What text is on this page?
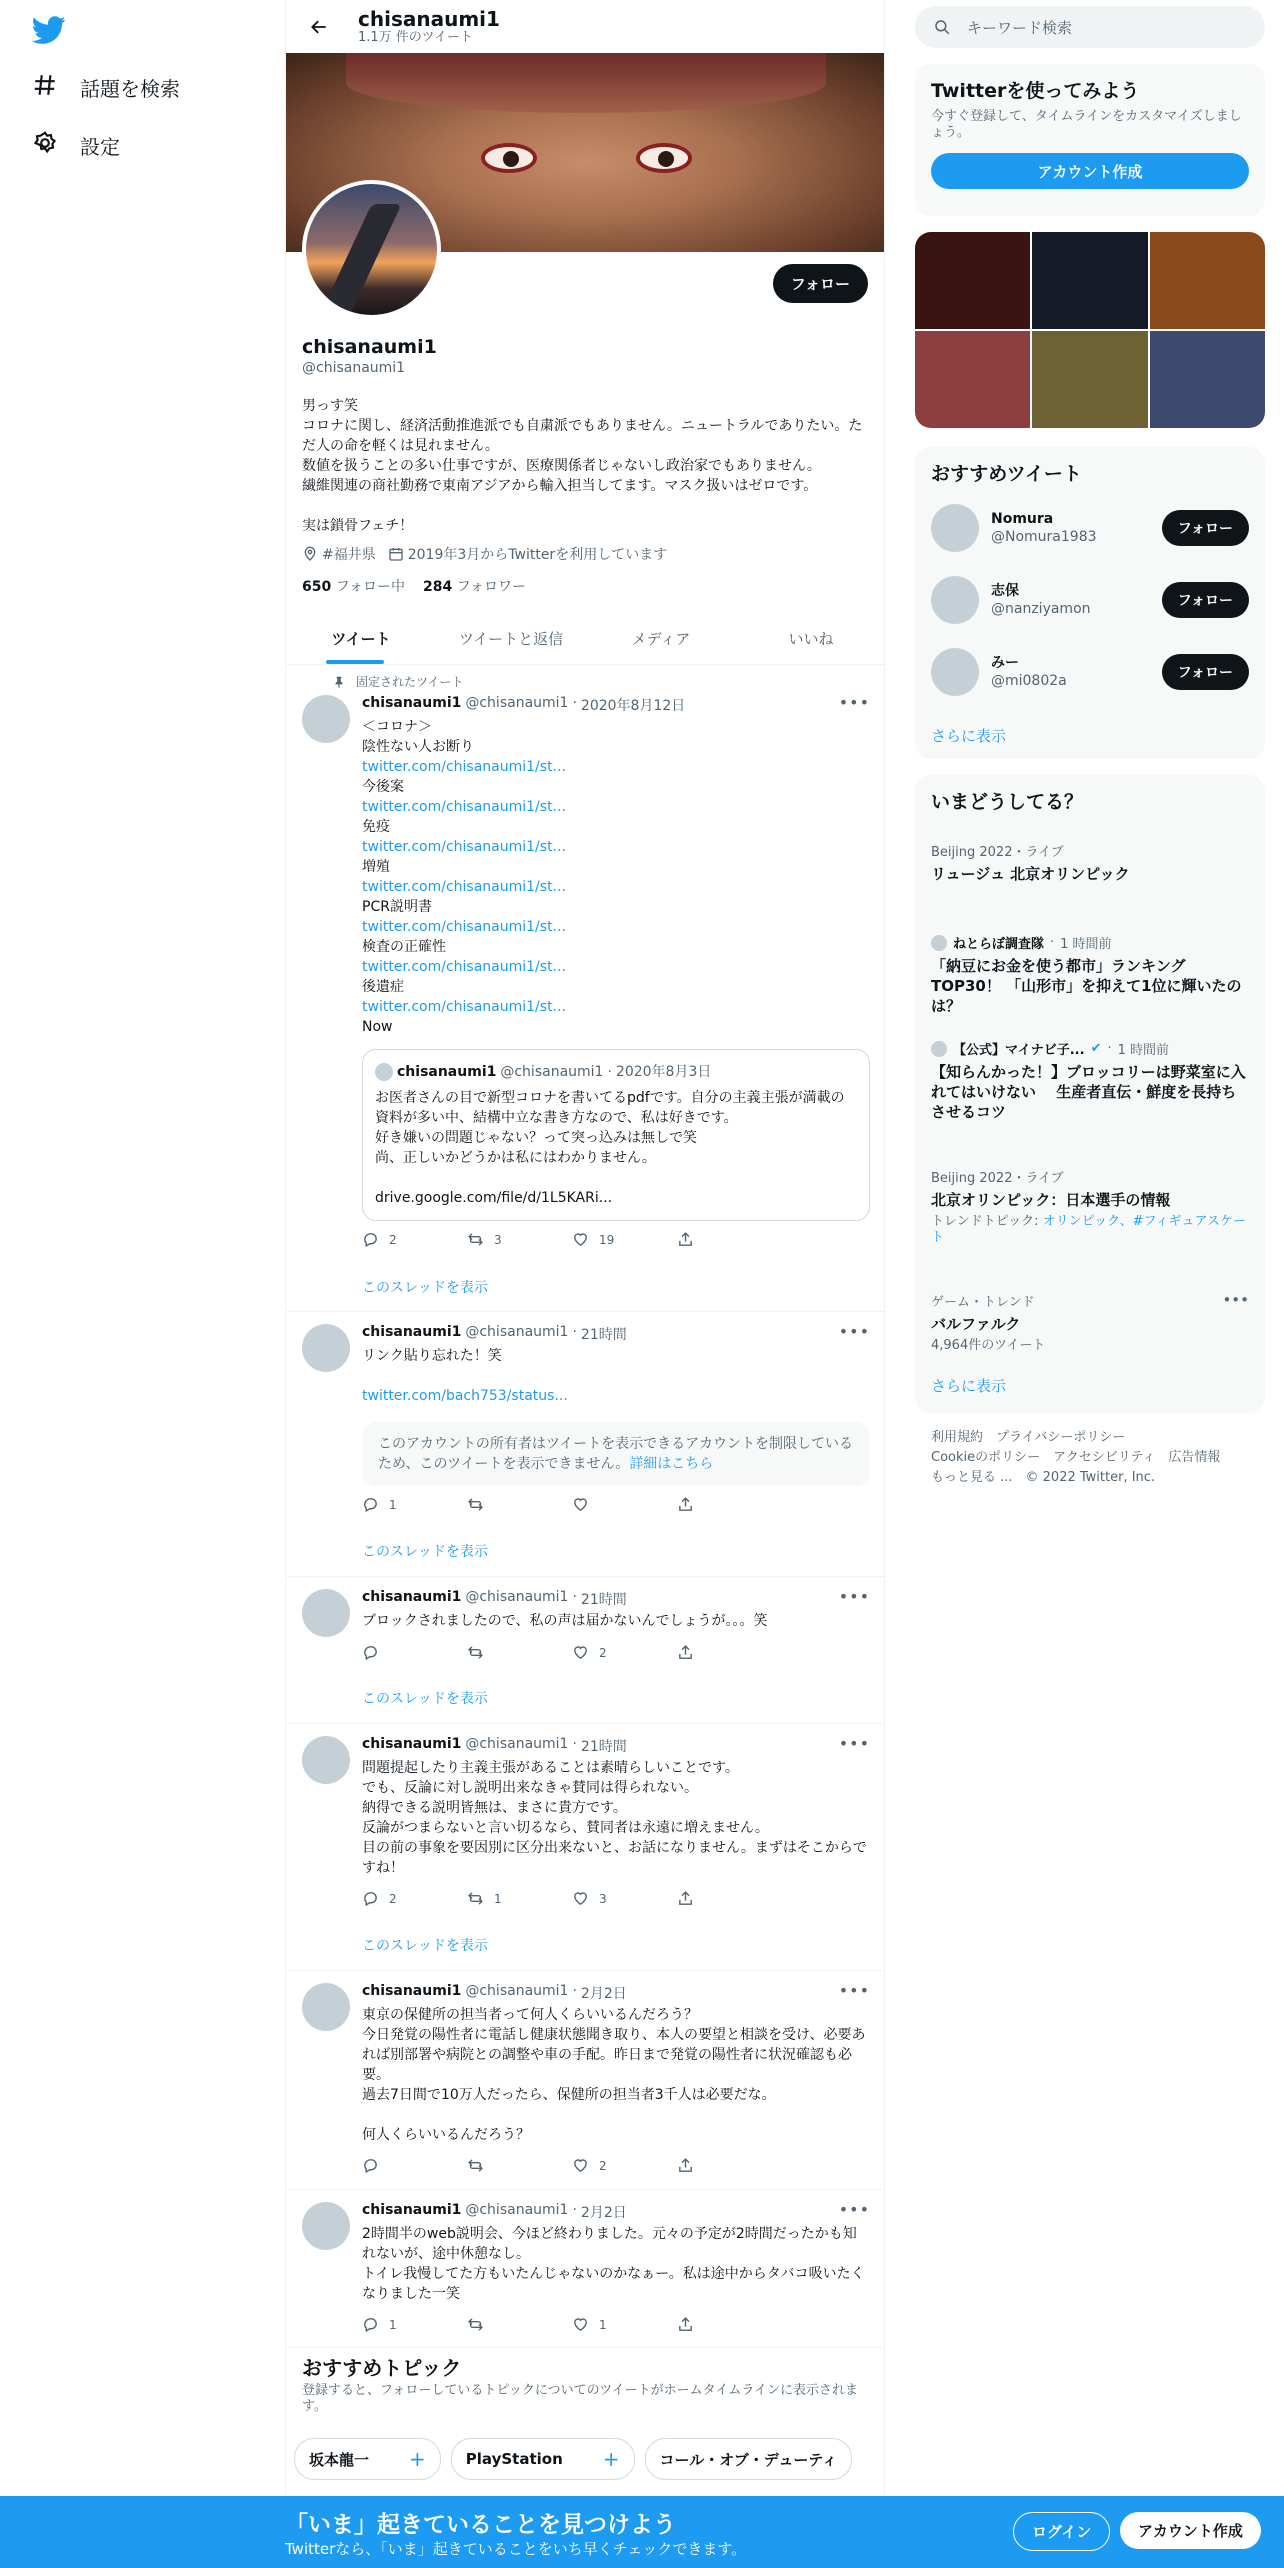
話題を検索
設定
chisanaumi1
1.1万 件のツイート
フォロー
chisanaumi1
@chisanaumi1
男っす笑
コロナに関し、経済活動推進派でも自粛派でもありません。ニュートラルでありたい。ただ人の命を軽くは見れません。
数値を扱うことの多い仕事ですが、医療関係者じゃないし政治家でもありません。
繊維関連の商社勤務で東南アジアから輸入担当してます。マスク扱いはゼロです。

実は鎖骨フェチ！
#福井県 2019年3月からTwitterを利用しています
650 フォロー中 284 フォロワー
ツイート	ツイートと返信	メディア	いいね
固定されたツイート
•••
chisanaumi1 @chisanaumi1 · 2020年8月12日
＜コロナ＞
陰性ない人お断り
twitter.com/chisanaumi1/st...
今後案
twitter.com/chisanaumi1/st...
免疫
twitter.com/chisanaumi1/st...
増殖
twitter.com/chisanaumi1/st...
PCR説明書
twitter.com/chisanaumi1/st...
検査の正確性
twitter.com/chisanaumi1/st...
後遺症
twitter.com/chisanaumi1/st...
Now
chisanaumi1 @chisanaumi1 · 2020年8月3日
お医者さんの目で新型コロナを書いてるpdfです。自分の主義主張が満載の資料が多い中、結構中立な書き方なので、私は好きです。
好き嫌いの問題じゃない？って突っ込みは無しで笑
尚、正しいかどうかは私にはわかりません。

drive.google.com/file/d/1L5KARi...
2	3	19
このスレッドを表示
•••
chisanaumi1 @chisanaumi1 · 21時間
リンク貼り忘れた！笑
twitter.com/bach753/status...
このアカウントの所有者はツイートを表示できるアカウントを制限しているため、このツイートを表示できません。詳細はこちら
1
このスレッドを表示
•••
chisanaumi1 @chisanaumi1 · 21時間
ブロックされましたので、私の声は届かないんでしょうが。。。笑
2
このスレッドを表示
•••
chisanaumi1 @chisanaumi1 · 21時間
問題提起したり主義主張があることは素晴らしいことです。
でも、反論に対し説明出来なきゃ賛同は得られない。
納得できる説明皆無は、まさに貴方です。
反論がつまらないと言い切るなら、賛同者は永遠に増えません。
目の前の事象を要因別に区分出来ないと、お話になりません。まずはそこからですね！
2	1	3
このスレッドを表示
•••
chisanaumi1 @chisanaumi1 · 2月2日
東京の保健所の担当者って何人くらいいるんだろう？
今日発覚の陽性者に電話し健康状態聞き取り、本人の要望と相談を受け、必要あれば別部署や病院との調整や車の手配。昨日まで発覚の陽性者に状況確認も必要。
過去7日間で10万人だったら、保健所の担当者3千人は必要だな。

何人くらいいるんだろう？
2
•••
chisanaumi1 @chisanaumi1 · 2月2日
2時間半のweb説明会、今ほど終わりました。元々の予定が2時間だったかも知れないが、途中休憩なし。
トイレ我慢してた方もいたんじゃないのかなぁー。私は途中からタバコ吸いたくなりました一笑
1	1
おすすめトピック
登録すると、フォローしているトピックについてのツイートがホームタイムラインに表示されます。
坂本龍一 +	PlayStation +	コール・オブ・デューティ
キーワード検索
Twitterを使ってみよう
今すぐ登録して、タイムラインをカスタマイズしましょう。
アカウント作成
おすすめツイート
Nomura
@Nomura1983	フォロー
志保
@nanziyamon	フォロー
みー
@mi0802a	フォロー
さらに表示
いまどうしてる？
Beijing 2022・ライブ
リュージュ 北京オリンピック
ねとらぼ調査隊 · 1 時間前
「納豆にお金を使う都市」ランキングTOP30！ 「山形市」を抑えて1位に輝いたのは？
【公式】マイナビ子... ✔ · 1 時間前
【知らんかった！】ブロッコリーは野菜室に入れてはいけない　 生産者直伝・鮮度を長持ちさせるコツ
Beijing 2022・ライブ
北京オリンピック：日本選手の情報
トレンドトピック: オリンピック、#フィギュアスケート
ゲーム・トレンド
バルファルク
4,964件のツイート
•••
さらに表示
利用規約　プライバシーポリシー
Cookieのポリシー　アクセシビリティ　広告情報
もっと見る ...　© 2022 Twitter, Inc.
「いま」起きていることを見つけよう
Twitterなら、「いま」起きていることをいち早くチェックできます。
ログイン	アカウント作成
